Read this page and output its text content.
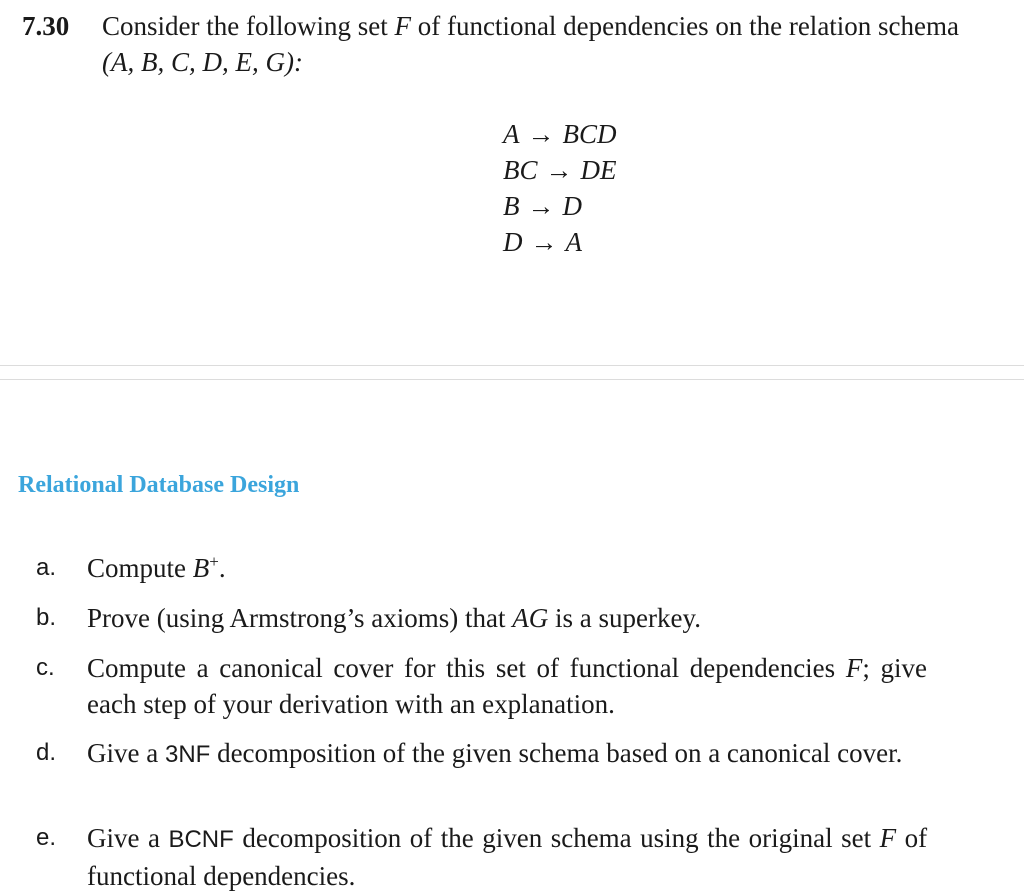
7.30 Consider the following set F of functional dependencies on the relation schema
(A, B, C, D, E, G):
A → BCD
BC → DE
B → D
D → A
Relational Database Design
a. Compute B+.
b. Prove (using Armstrong’s axioms) that AG is a superkey.
c. Compute a canonical cover for this set of functional dependencies F; give each step of your derivation with an explanation.
d. Give a 3NF decomposition of the given schema based on a canonical cover.
e. Give a BCNF decomposition of the given schema using the original set F of functional dependencies.
